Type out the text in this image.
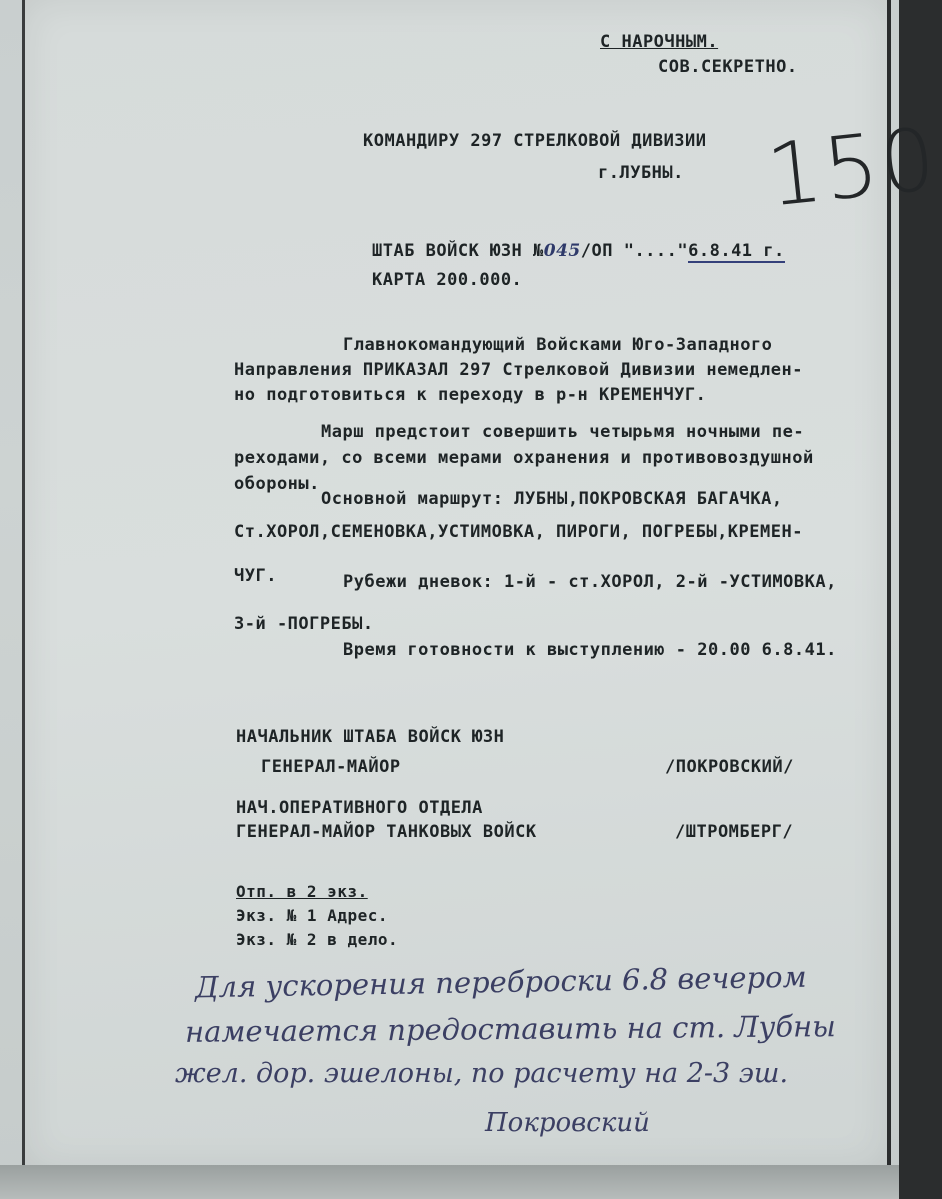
С НАРОЧНЫМ.
СОВ.СЕКРЕТНО.
КОМАНДИРУ 297 СТРЕЛКОВОЙ ДИВИЗИИ
г.ЛУБНЫ. 150
ШТАБ ВОЙСК ЮЗН №045/ОП "...."6.8.41 г.
КАРТА 200.000.
Главнокомандующий Войсками Юго-Западного
Направления ПРИКАЗАЛ 297 Стрелковой Дивизии немедлен-
но подготовиться к переходу в р-н КРЕМЕНЧУГ.
Марш предстоит совершить четырьмя ночными пе-
реходами, со всеми мерами охранения и противовоздушной
обороны.
Основной маршрут: ЛУБНЫ,ПОКРОВСКАЯ БАГАЧКА,
Ст.ХОРОЛ,СЕМЕНОВКА,УСТИМОВКА, ПИРОГИ, ПОГРЕБЫ,КРЕМЕН-
ЧУГ.	Рубежи дневок: 1-й - ст.ХОРОЛ, 2-й -УСТИМОВКА,
3-й -ПОГРЕБЫ.
Время готовности к выступлению - 20.00 6.8.41.
НАЧАЛЬНИК ШТАБА ВОЙСК ЮЗН
ГЕНЕРАЛ-МАЙОР	/ПОКРОВСКИЙ/
НАЧ.ОПЕРАТИВНОГО ОТДЕЛА
ГЕНЕРАЛ-МАЙОР ТАНКОВЫХ ВОЙСК	/ШТРОМБЕРГ/
Отп. в 2 экз.
Экз. № 1 Адрес.
Экз. № 2 в дело.
Для ускорения переброски 6.8 вечером
намечается предоставить на ст. Лубны
жел. дор. эшелоны, по расчету на 2-3 эш.
Покровский
